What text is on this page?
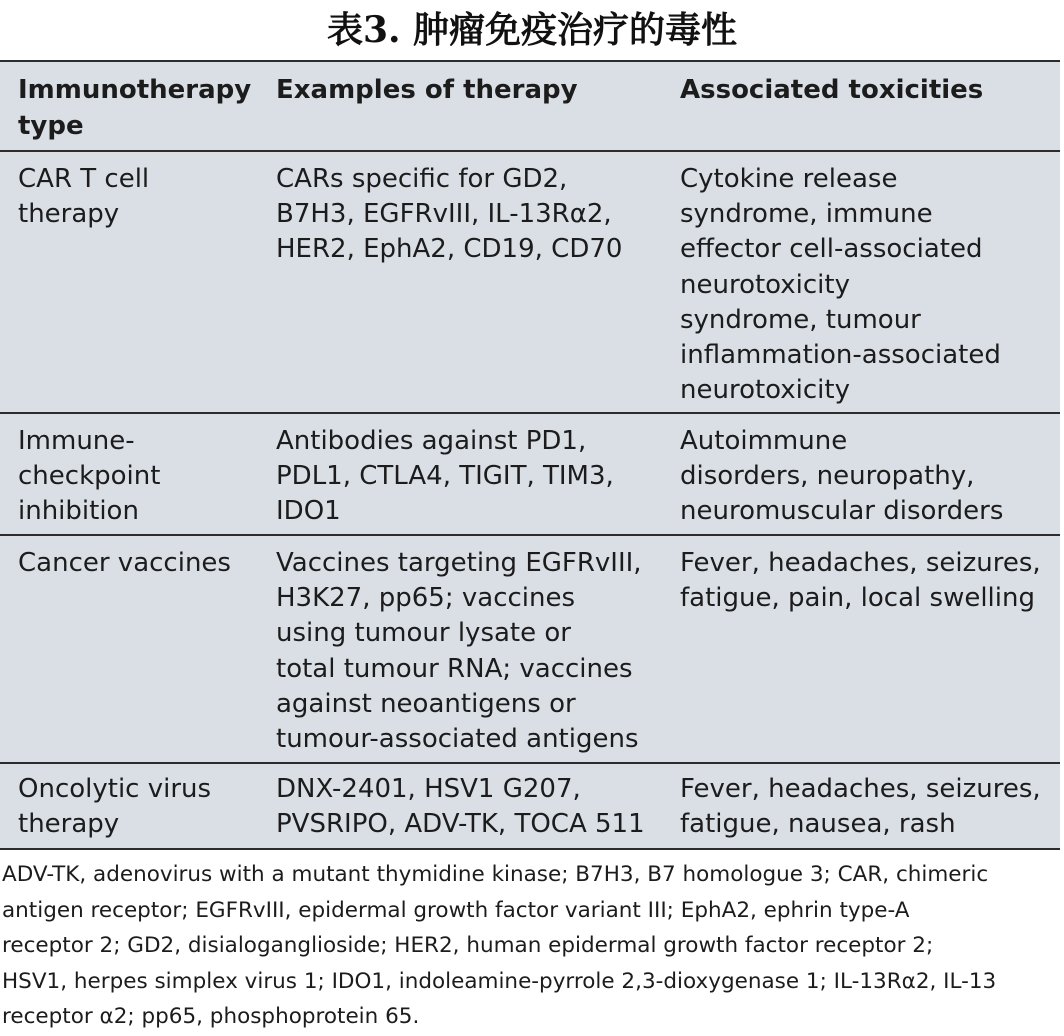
表3. 肿瘤免疫治疗的毒性
Immunotherapy
type
Examples of therapy	Associated toxicities
CAR T cell
therapy
CARs specific for GD2,
B7H3, EGFRvIII, IL-13Rα2,
HER2, EphA2, CD19, CD70
Cytokine release
syndrome, immune
effector cell-associated
neurotoxicity
syndrome, tumour
inflammation-associated
neurotoxicity
Immune-
checkpoint
inhibition
Antibodies against PD1,
PDL1, CTLA4, TIGIT, TIM3,
IDO1
Autoimmune
disorders, neuropathy,
neuromuscular disorders
Cancer vaccines	Vaccines targeting EGFRvIII,
H3K27, pp65; vaccines
using tumour lysate or
total tumour RNA; vaccines
against neoantigens or
tumour-associated antigens
Fever, headaches, seizures,
fatigue, pain, local swelling
Oncolytic virus
therapy
DNX-2401, HSV1 G207,
PVSRIPO, ADV-TK, TOCA 511
Fever, headaches, seizures,
fatigue, nausea, rash
ADV-TK, adenovirus with a mutant thymidine kinase; B7H3, B7 homologue 3; CAR, chimeric
antigen receptor; EGFRvIII, epidermal growth factor variant III; EphA2, ephrin type-A
receptor 2; GD2, disialoganglioside; HER2, human epidermal growth factor receptor 2;
HSV1, herpes simplex virus 1; IDO1, indoleamine-pyrrole 2,3-dioxygenase 1; IL-13Rα2, IL-13
receptor α2; pp65, phosphoprotein 65.
